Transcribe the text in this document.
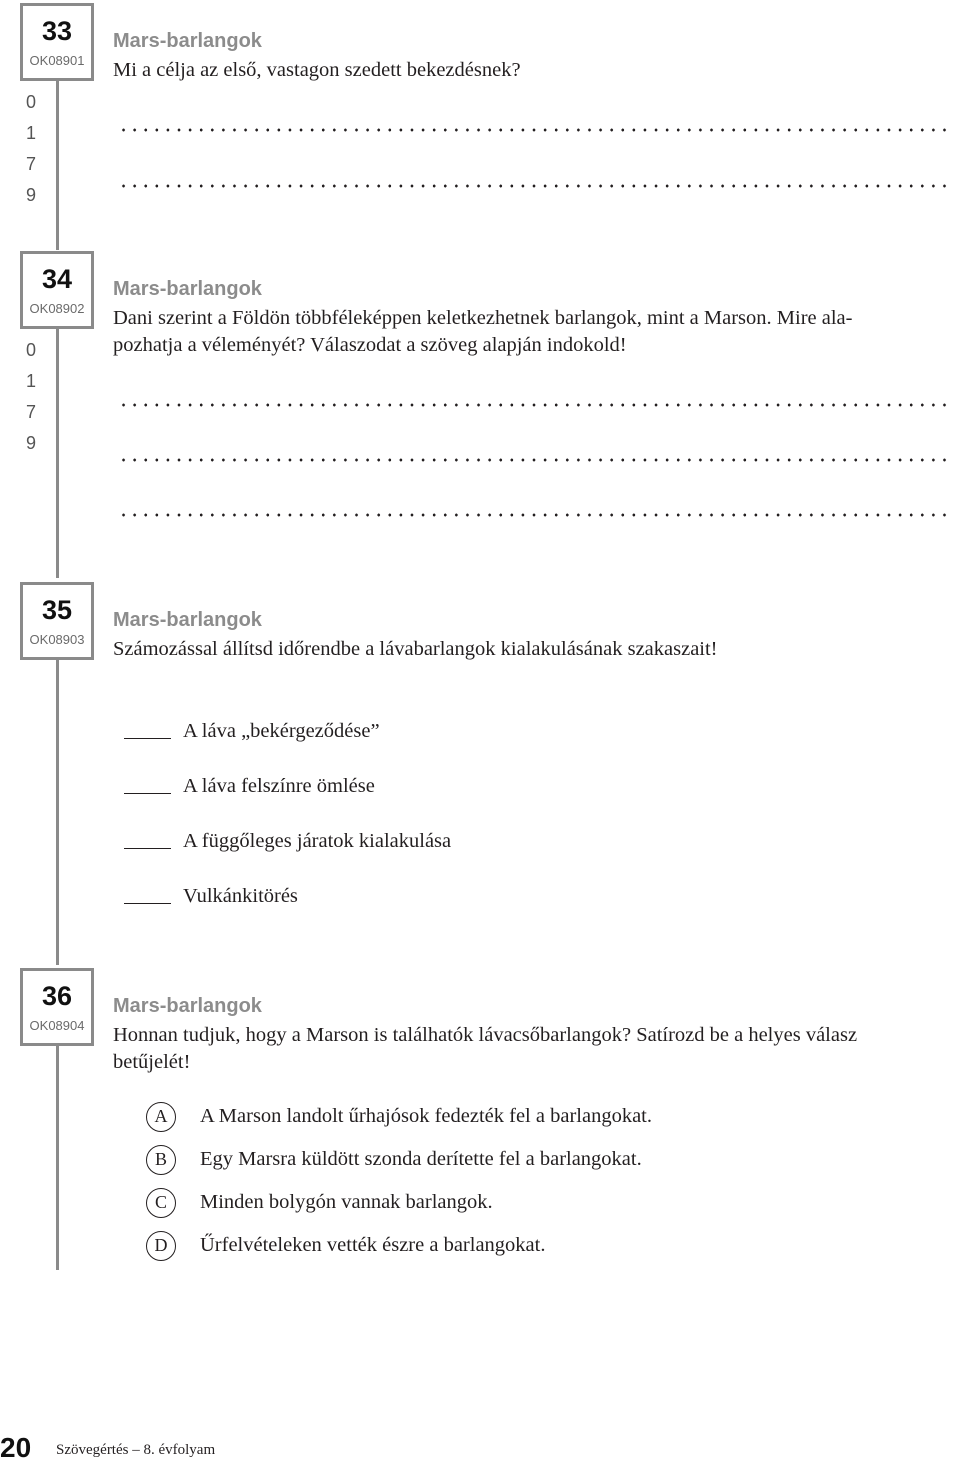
33
OK08901
0
1
7
9
Mars-barlangok
Mi a célja az első, vastagon szedett bekezdésnek?
34
OK08902
0
1
7
9
Mars-barlangok
Dani szerint a Földön többféleképpen keletkezhetnek barlangok, mint a Marson. Mire ala-
pozhatja a véleményét? Válaszodat a szöveg alapján indokold!
35
OK08903
Mars-barlangok
Számozással állítsd időrendbe a lávabarlangok kialakulásának szakaszait!
A láva „bekérgeződése”
A láva felszínre ömlése
A függőleges járatok kialakulása
Vulkánkitörés
36
OK08904
Mars-barlangok
Honnan tudjuk, hogy a Marson is találhatók lávacsőbarlangok? Satírozd be a helyes válasz
betűjelét!
A	A Marson landolt űrhajósok fedezték fel a barlangokat.
B	Egy Marsra küldött szonda derítette fel a barlangokat.
C	Minden bolygón vannak barlangok.
D	Űrfelvételeken vették észre a barlangokat.
20 Szövegértés – 8. évfolyam
